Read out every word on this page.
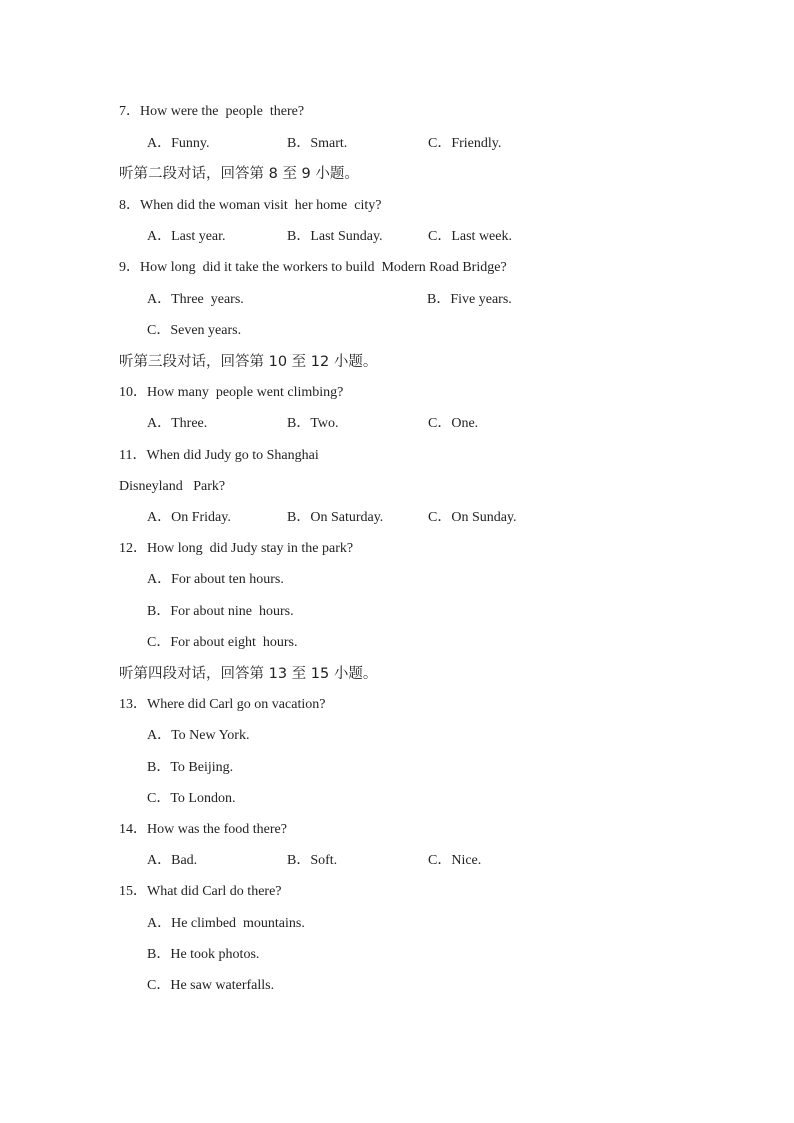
7．How were the  people  there?
A．Funny.	B．Smart.	C．Friendly.
听第二段对话，回答第 8 至 9 小题。
8．When did the woman visit  her home  city?
A．Last year.	B．Last Sunday.	C．Last week.
9．How long  did it take the workers to build  Modern Road Bridge?
A．Three  years.	B．Five years.
C．Seven years.
听第三段对话，回答第 10 至 12 小题。
10．How many  people went climbing?
A．Three.	B．Two.	C．One.
11．When did Judy go to Shanghai
Disneyland   Park?
A．On Friday.	B．On Saturday.	C．On Sunday.
12．How long  did Judy stay in the park?
A．For about ten hours.
B．For about nine  hours.
C．For about eight  hours.
听第四段对话，回答第 13 至 15 小题。
13．Where did Carl go on vacation?
A．To New York.
B．To Beijing.
C．To London.
14．How was the food there?
A．Bad.	B．Soft.	C．Nice.
15．What did Carl do there?
A．He climbed  mountains.
B．He took photos.
C．He saw waterfalls.
